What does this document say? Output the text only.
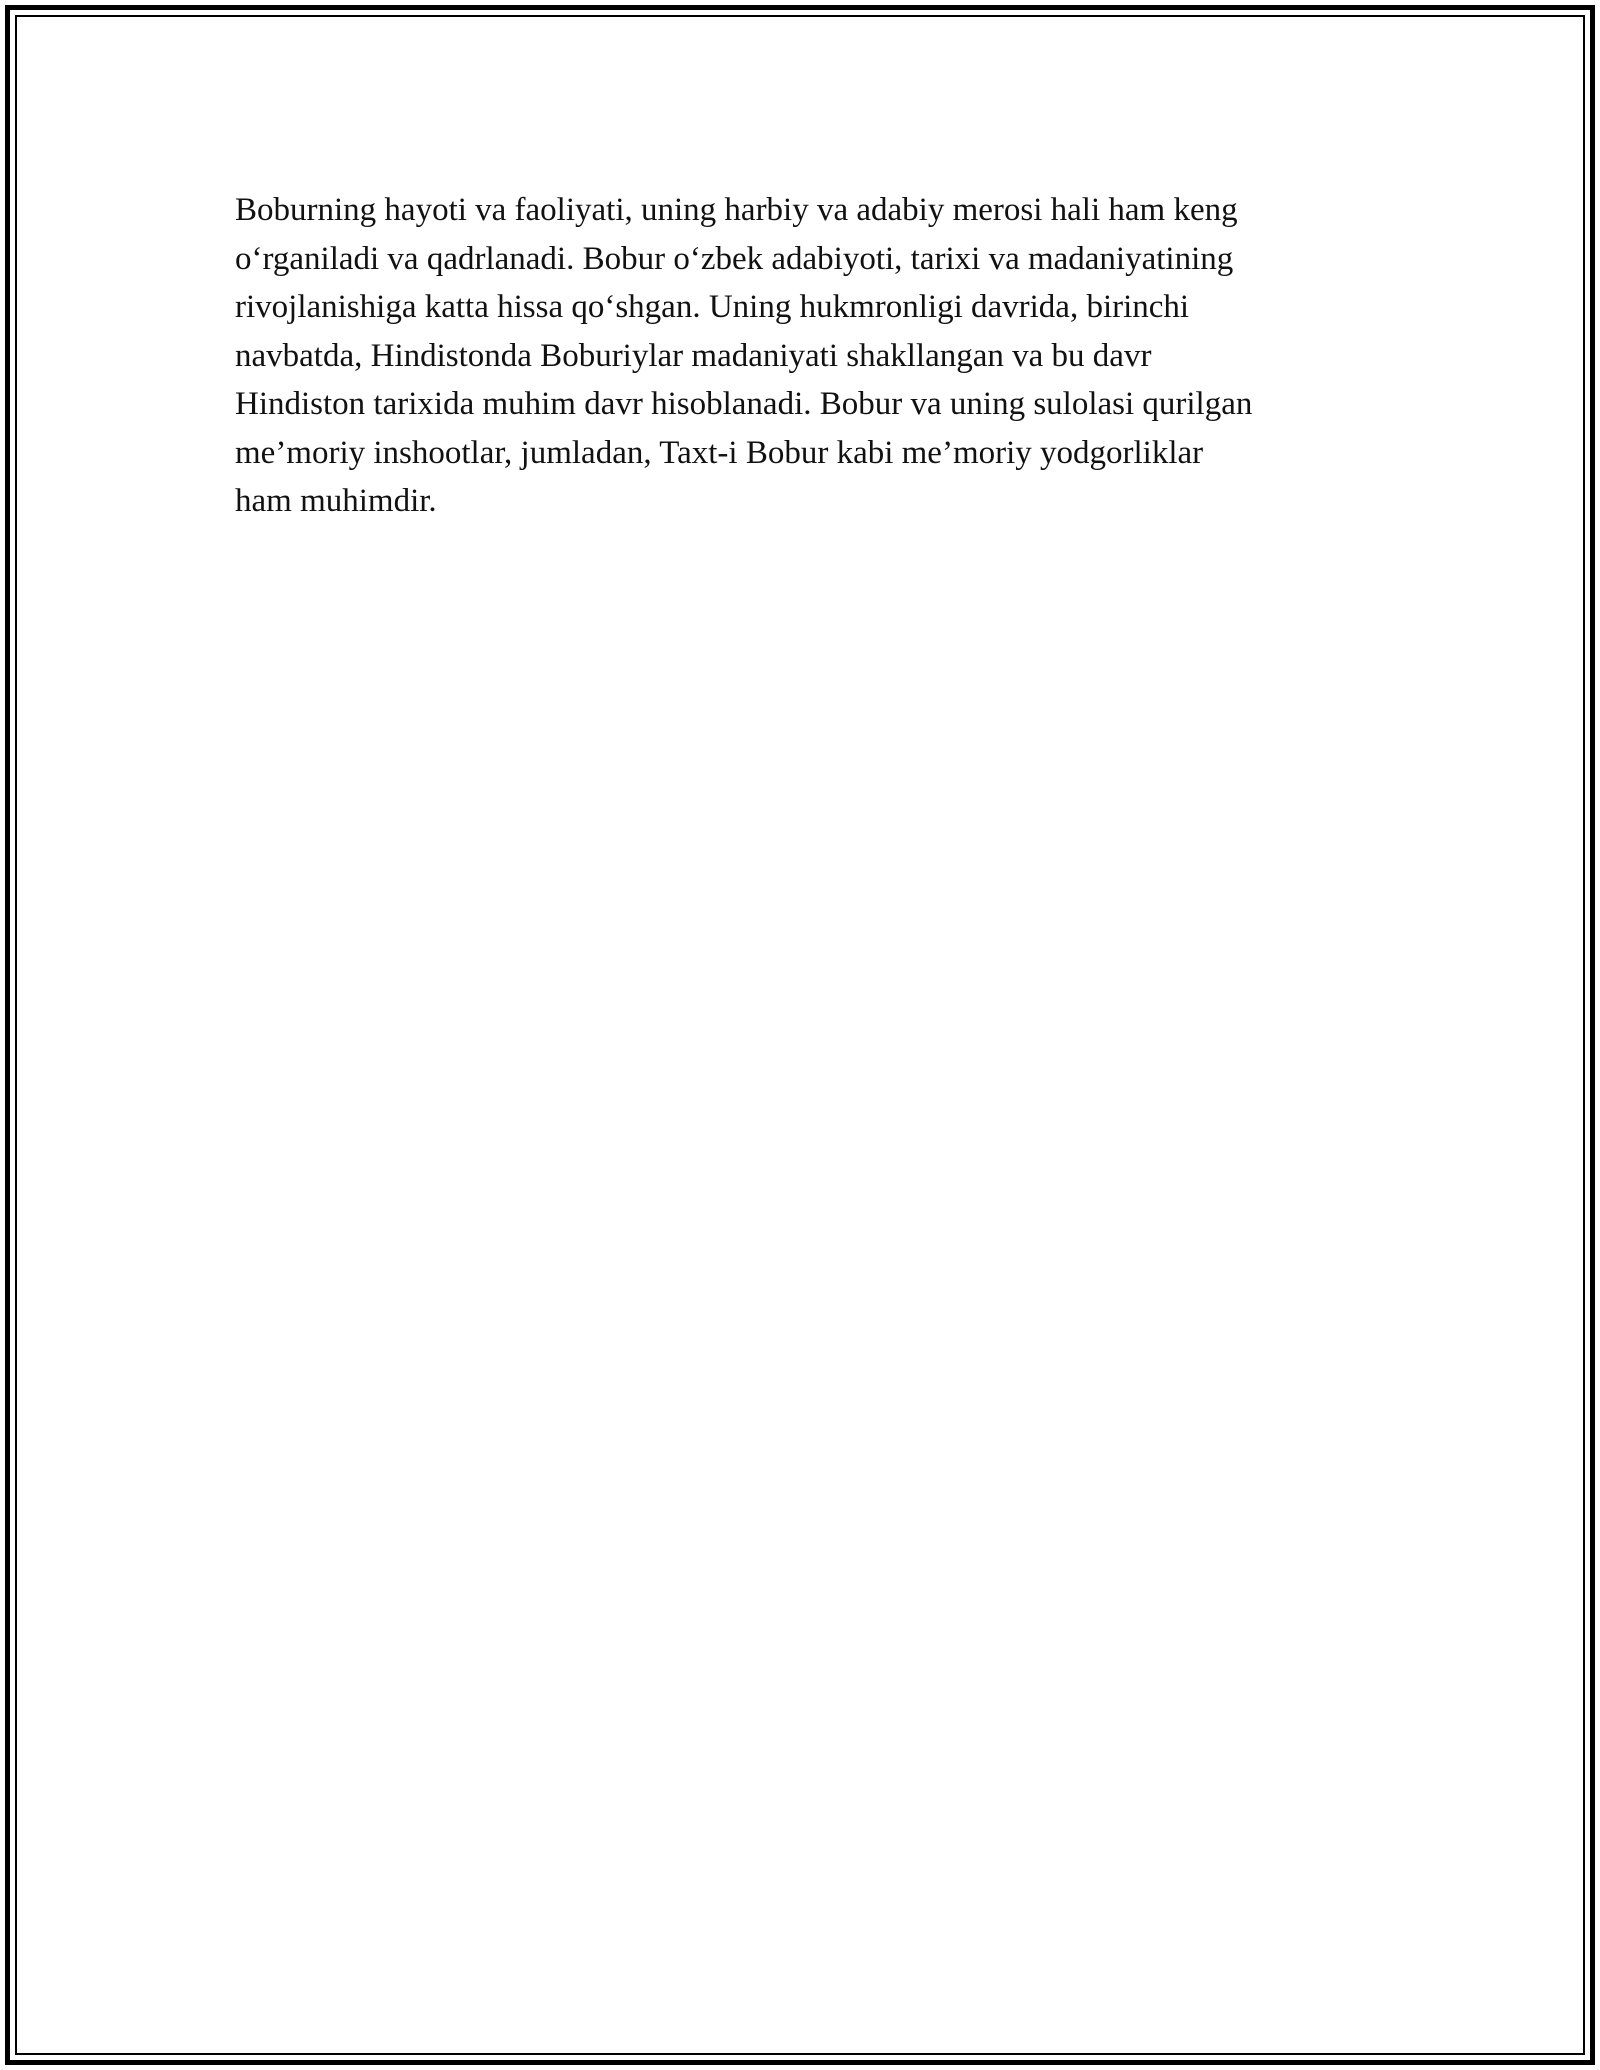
Boburning hayoti va faoliyati, uning harbiy va adabiy merosi hali ham keng
o‘rganiladi va qadrlanadi. Bobur o‘zbek adabiyoti, tarixi va madaniyatining
rivojlanishiga katta hissa qo‘shgan. Uning hukmronligi davrida, birinchi
navbatda, Hindistonda Boburiylar madaniyati shakllangan va bu davr
Hindiston tarixida muhim davr hisoblanadi. Bobur va uning sulolasi qurilgan
me’moriy inshootlar, jumladan, Taxt-i Bobur kabi me’moriy yodgorliklar
ham muhimdir.
